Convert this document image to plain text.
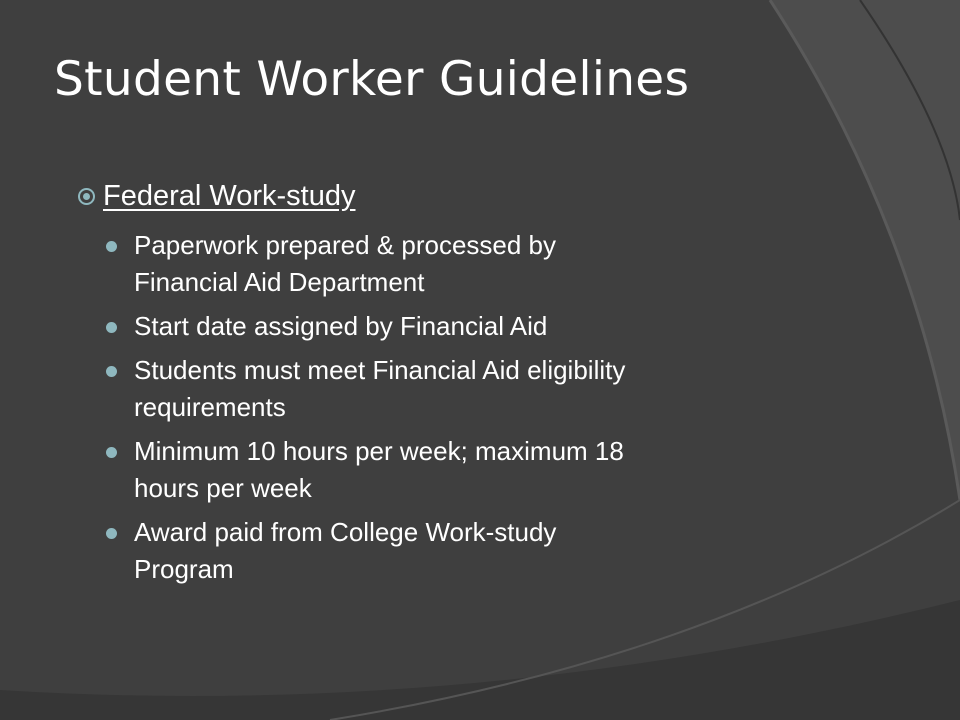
Student Worker Guidelines
Federal Work-study
Paperwork prepared & processed by
Financial Aid Department
Start date assigned by Financial Aid
Students must meet Financial Aid eligibility
requirements
Minimum 10 hours per week; maximum 18
hours per week
Award paid from College Work-study
Program
